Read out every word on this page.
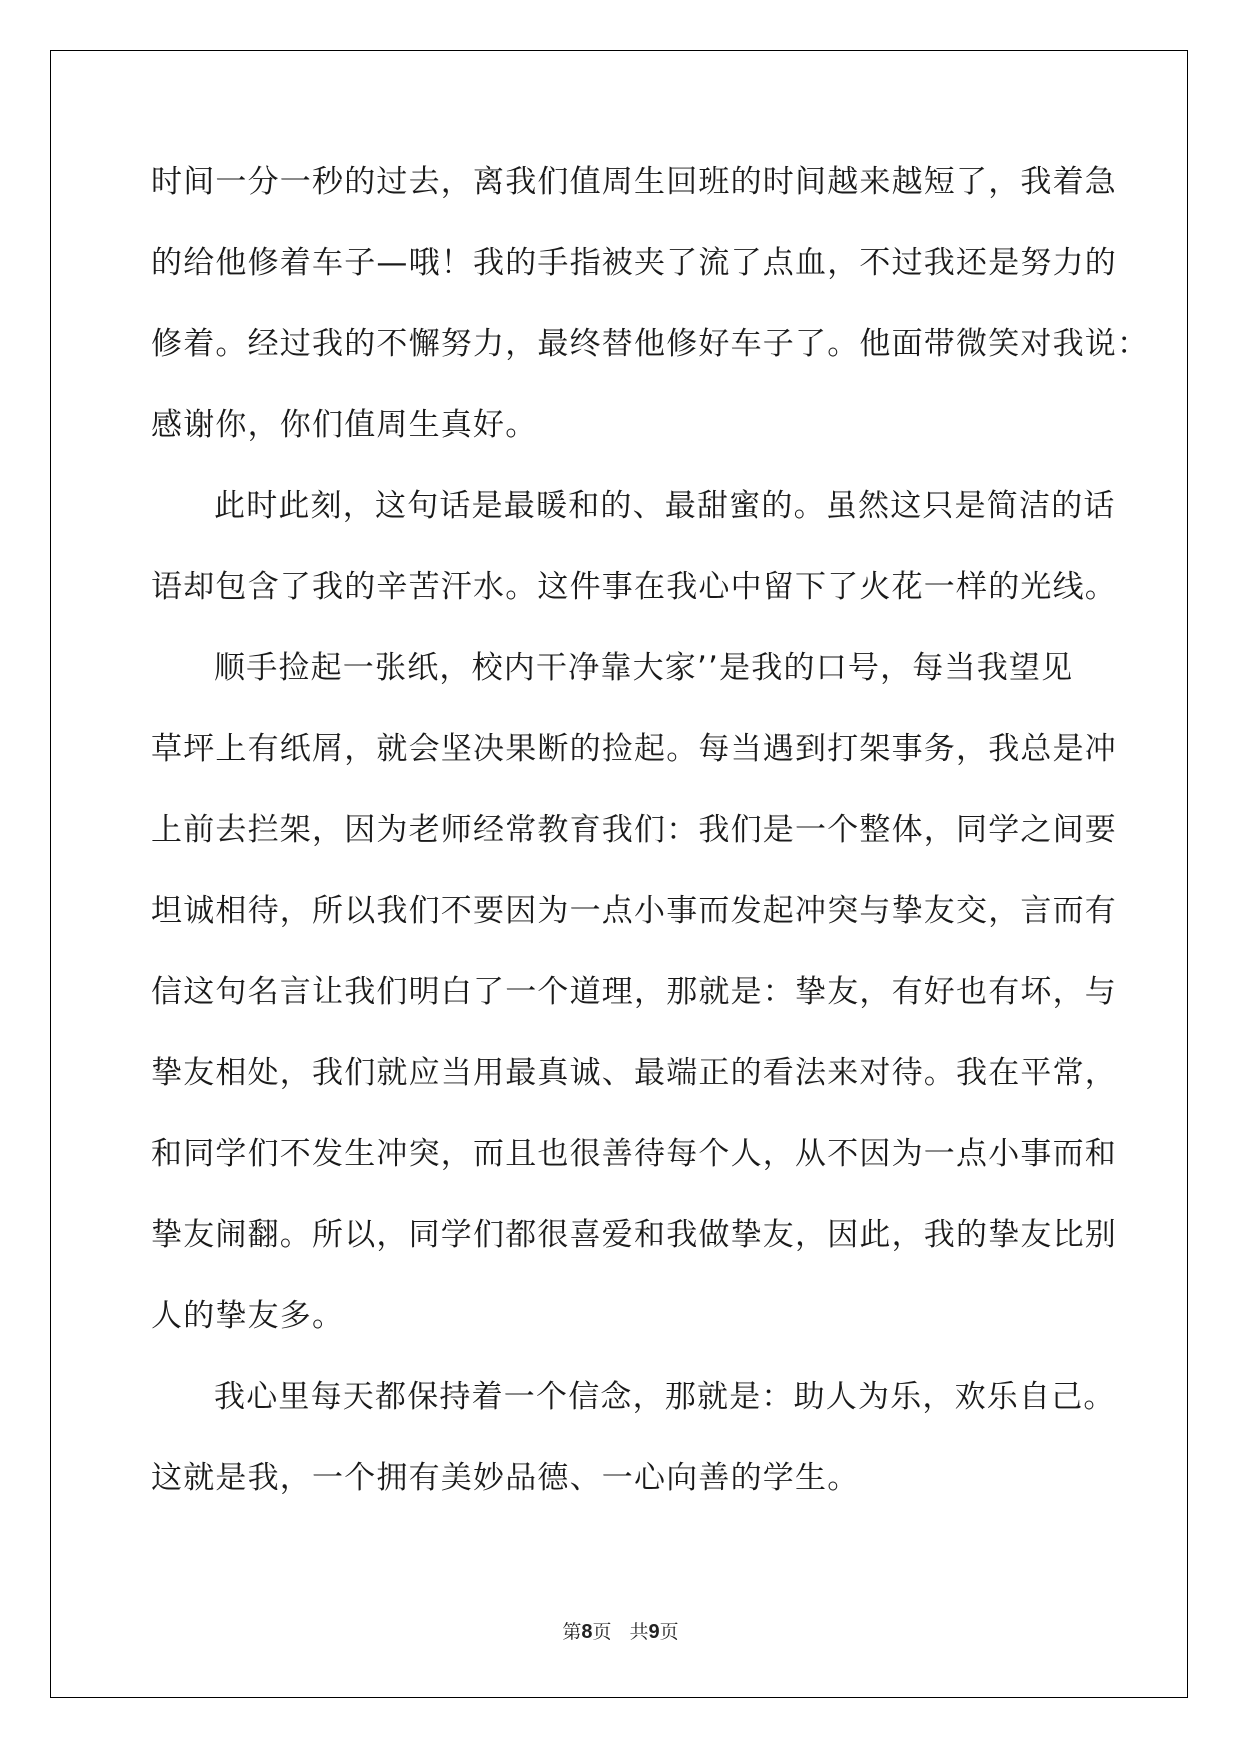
时间一分一秒的过去，离我们值周生回班的时间越来越短了，我着急
的给他修着车子—哦！我的手指被夹了流了点血，不过我还是努力的
修着。经过我的不懈努力，最终替他修好车子了。他面带微笑对我说：
感谢你，你们值周生真好。
此时此刻，这句话是最暖和的、最甜蜜的。虽然这只是简洁的话
语却包含了我的辛苦汗水。这件事在我心中留下了火花一样的光线。
顺手捡起一张纸，校内干净靠大家’’是我的口号，每当我望见
草坪上有纸屑，就会坚决果断的捡起。每当遇到打架事务，我总是冲
上前去拦架，因为老师经常教育我们：我们是一个整体，同学之间要
坦诚相待，所以我们不要因为一点小事而发起冲突与挚友交，言而有
信这句名言让我们明白了一个道理，那就是：挚友，有好也有坏，与
挚友相处，我们就应当用最真诚、最端正的看法来对待。我在平常，
和同学们不发生冲突，而且也很善待每个人，从不因为一点小事而和
挚友闹翻。所以，同学们都很喜爱和我做挚友，因此，我的挚友比别
人的挚友多。
我心里每天都保持着一个信念，那就是：助人为乐，欢乐自己。
这就是我，一个拥有美妙品德、一心向善的学生。
第8页 共9页
